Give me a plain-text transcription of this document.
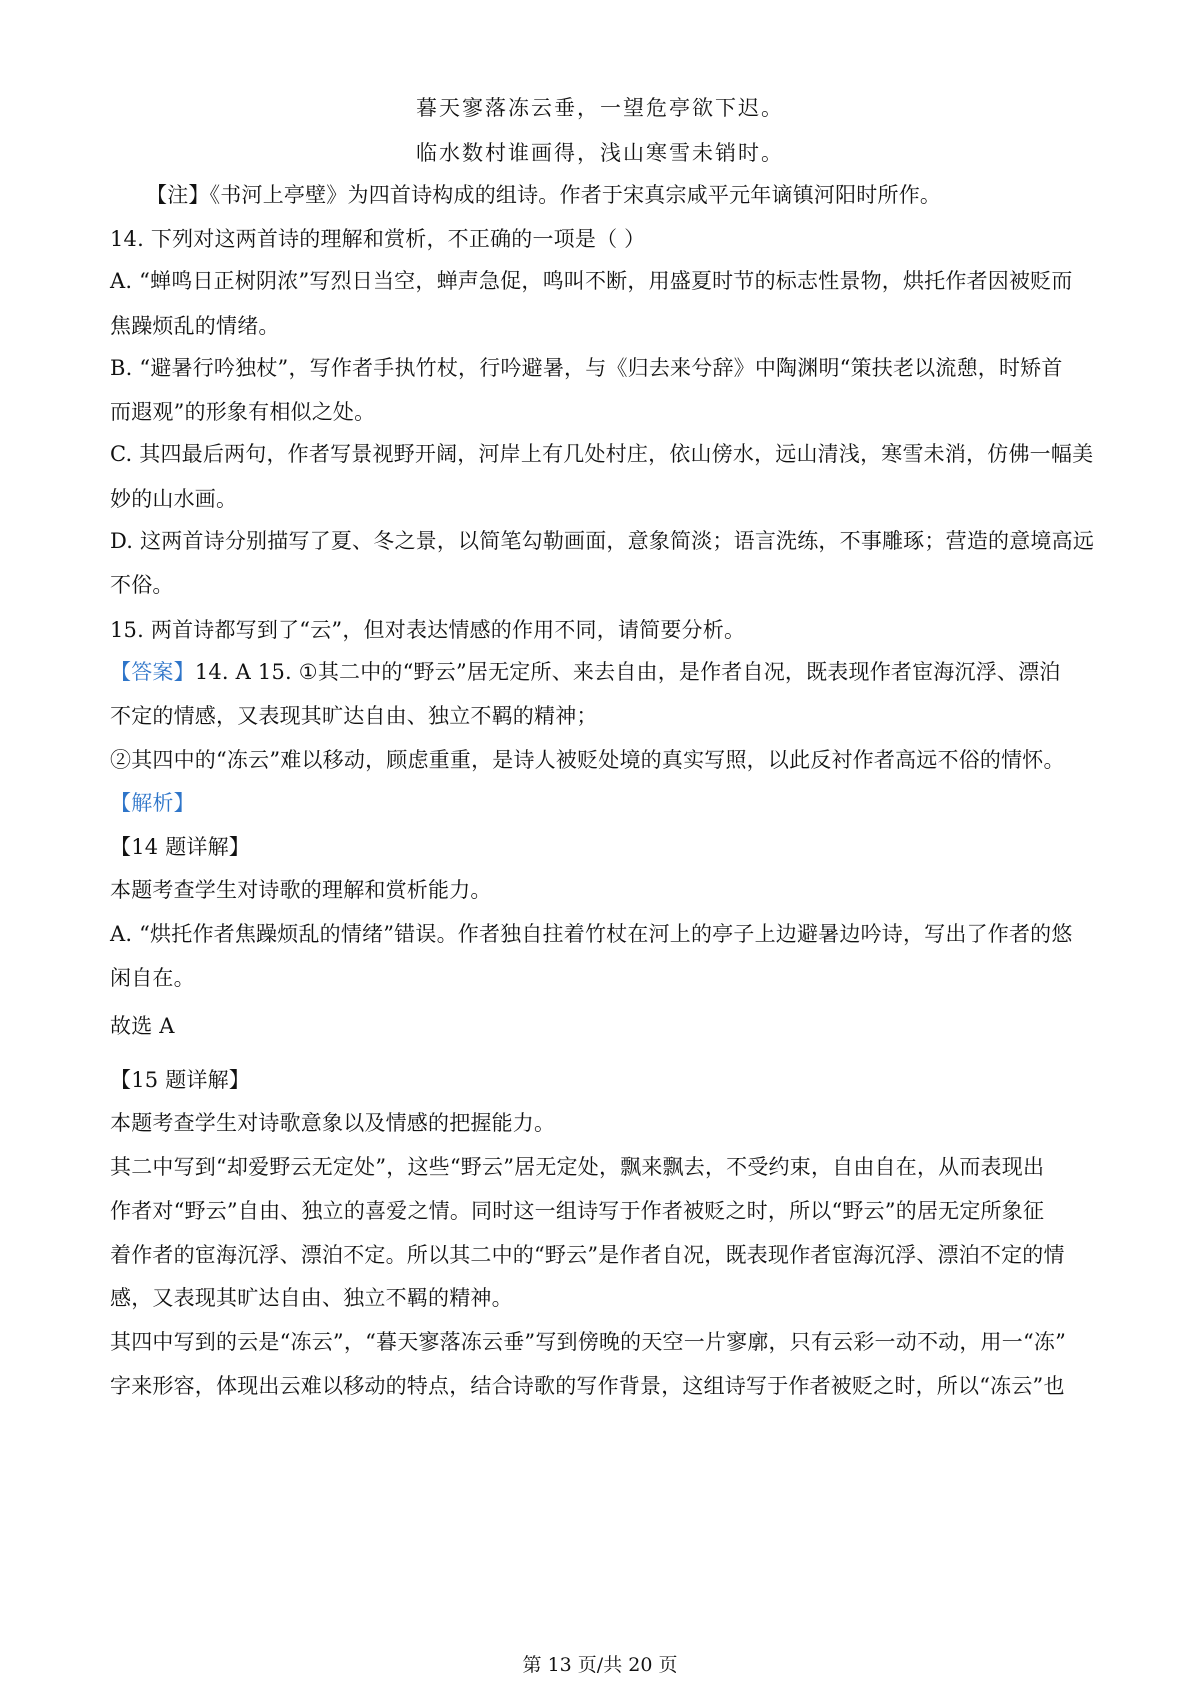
暮天寥落冻云垂，一望危亭欲下迟。
临水数村谁画得，浅山寒雪未销时。
【注】《书河上亭壁》为四首诗构成的组诗。作者于宋真宗咸平元年谪镇河阳时所作。
14. 下列对这两首诗的理解和赏析，不正确的一项是（ ）
A. “蝉鸣日正树阴浓”写烈日当空，蝉声急促，鸣叫不断，用盛夏时节的标志性景物，烘托作者因被贬而
焦躁烦乱的情绪。
B. “避暑行吟独杖”，写作者手执竹杖，行吟避暑，与《归去来兮辞》中陶渊明“策扶老以流憩，时矫首
而遐观”的形象有相似之处。
C. 其四最后两句，作者写景视野开阔，河岸上有几处村庄，依山傍水，远山清浅，寒雪未消，仿佛一幅美
妙的山水画。
D. 这两首诗分别描写了夏、冬之景，以简笔勾勒画面，意象简淡；语言洗练，不事雕琢；营造的意境高远
不俗。
15. 两首诗都写到了“云”，但对表达情感的作用不同，请简要分析。
【答案】14. A 15. ①其二中的“野云”居无定所、来去自由，是作者自况，既表现作者宦海沉浮、漂泊
不定的情感，又表现其旷达自由、独立不羁的精神；
②其四中的“冻云”难以移动，顾虑重重，是诗人被贬处境的真实写照，以此反衬作者高远不俗的情怀。
【解析】
【14 题详解】
本题考查学生对诗歌的理解和赏析能力。
A. “烘托作者焦躁烦乱的情绪”错误。作者独自拄着竹杖在河上的亭子上边避暑边吟诗，写出了作者的悠
闲自在。
故选 A
【15 题详解】
本题考查学生对诗歌意象以及情感的把握能力。
其二中写到“却爱野云无定处”，这些“野云”居无定处，飘来飘去，不受约束，自由自在，从而表现出
作者对“野云”自由、独立的喜爱之情。同时这一组诗写于作者被贬之时，所以“野云”的居无定所象征
着作者的宦海沉浮、漂泊不定。所以其二中的“野云”是作者自况，既表现作者宦海沉浮、漂泊不定的情
感，又表现其旷达自由、独立不羁的精神。
其四中写到的云是“冻云”，“暮天寥落冻云垂”写到傍晚的天空一片寥廓，只有云彩一动不动，用一“冻”
字来形容，体现出云难以移动的特点，结合诗歌的写作背景，这组诗写于作者被贬之时，所以“冻云”也
第 13 页/共 20 页
